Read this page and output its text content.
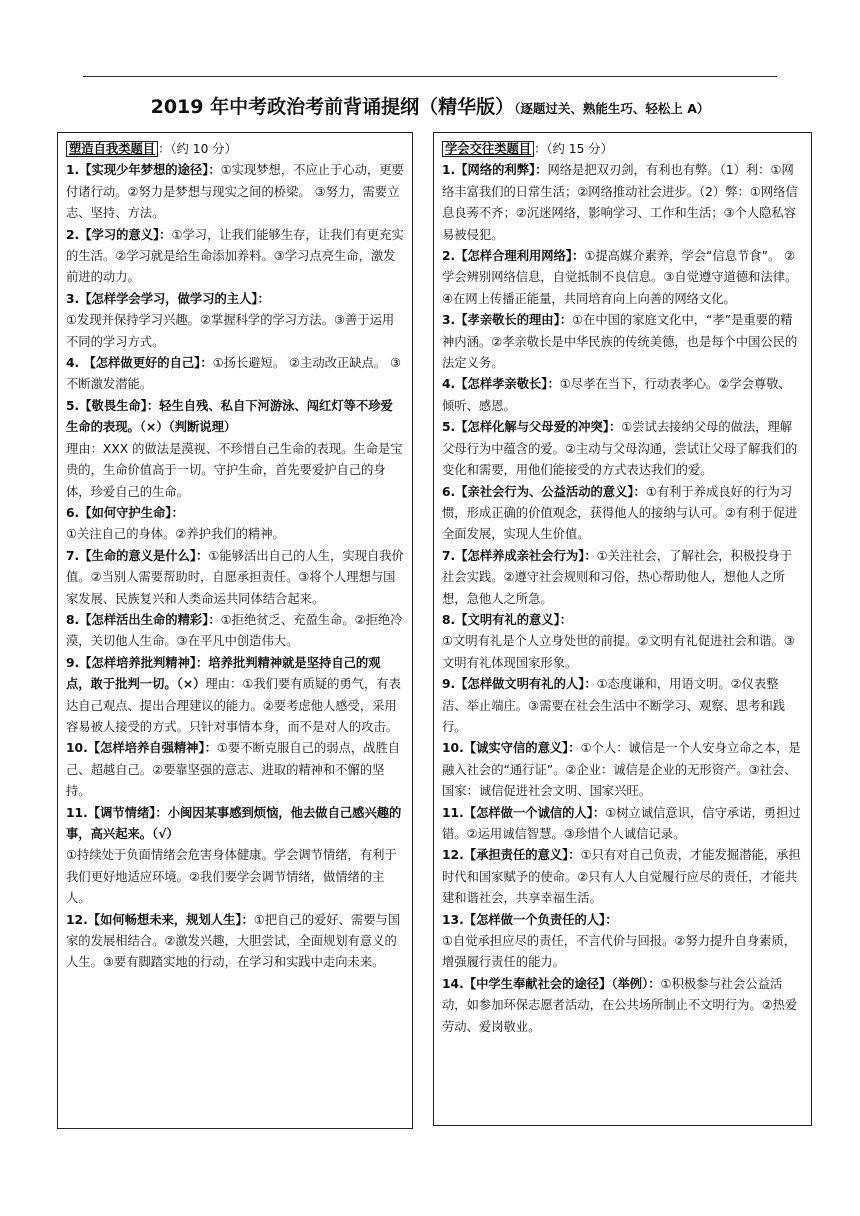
2019 年中考政治考前背诵提纲（精华版）（逐题过关、熟能生巧、轻松上 A）

塑造自我类题目 ：（约 10 分）

1.【实现少年梦想的途径】：①实现梦想，不应止于心动，更要付诸行动。②努力是梦想与现实之间的桥梁。 ③努力，需要立志、坚持、方法。

2.【学习的意义】：①学习，让我们能够生存，让我们有更充实的生活。②学习就是给生命添加养料。③学习点亮生命，激发前进的动力。

3.【怎样学会学习，做学习的主人】：
①发现并保持学习兴趣。②掌握科学的学习方法。③善于运用不同的学习方式。

4. 【怎样做更好的自己】：①扬长避短。 ②主动改正缺点。 ③不断激发潜能。

5.【敬畏生命】：轻生自残、私自下河游泳、闯红灯等不珍爱生命的表现。（×）（判断说理）
理由：XXX 的做法是漠视、不珍惜自己生命的表现。生命是宝贵的，生命价值高于一切。守护生命，首先要爱护自己的身体，珍爱自己的生命。

6.【如何守护生命】：
①关注自己的身体。②养护我们的精神。

7.【生命的意义是什么】：①能够活出自己的人生，实现自我价值。②当别人需要帮助时，自愿承担责任。③将个人理想与国家发展、民族复兴和人类命运共同体结合起来。

8.【怎样活出生命的精彩】：①拒绝贫乏、充盈生命。②拒绝冷漠，关切他人生命。③在平凡中创造伟大。

9.【怎样培养批判精神】：培养批判精神就是坚持自己的观点，敢于批判一切。（×）理由：①我们要有质疑的勇气，有表达自己观点、提出合理建议的能力。②要考虑他人感受，采用容易被人接受的方式。只针对事情本身，而不是对人的攻击。

10.【怎样培养自强精神】：①要不断克服自己的弱点，战胜自己、超越自己。②要靠坚强的意志、进取的精神和不懈的坚持。

11.【调节情绪】：小闽因某事感到烦恼，他去做自己感兴趣的事，高兴起来。（√）
①持续处于负面情绪会危害身体健康。学会调节情绪，有利于我们更好地适应环境。②我们要学会调节情绪，做情绪的主人。

12.【如何畅想未来，规划人生】：①把自己的爱好、需要与国家的发展相结合。②激发兴趣，大胆尝试，全面规划有意义的人生。③要有脚踏实地的行动，在学习和实践中走向未来。

学会交往类题目 ：（约 15 分）

1.【网络的利弊】：网络是把双刃剑，有利也有弊。（1）利：①网络丰富我们的日常生活；②网络推动社会进步。（2）弊：①网络信息良莠不齐；②沉迷网络，影响学习、工作和生活；③个人隐私容易被侵犯。

2.【怎样合理利用网络】：①提高媒介素养，学会“信息节食”。 ②学会辨别网络信息，自觉抵制不良信息。③自觉遵守道德和法律。④在网上传播正能量，共同培育向上向善的网络文化。

3.【孝亲敬长的理由】：①在中国的家庭文化中，“孝”是重要的精神内涵。②孝亲敬长是中华民族的传统美德，也是每个中国公民的法定义务。

4.【怎样孝亲敬长】：①尽孝在当下，行动表孝心。②学会尊敬、倾听、感恩。

5.【怎样化解与父母爱的冲突】：①尝试去接纳父母的做法，理解父母行为中蕴含的爱。②主动与父母沟通，尝试让父母了解我们的变化和需要，用他们能接受的方式表达我们的爱。

6.【亲社会行为、公益活动的意义】：①有利于养成良好的行为习惯，形成正确的价值观念，获得他人的接纳与认可。②有利于促进全面发展，实现人生价值。

7.【怎样养成亲社会行为】：①关注社会，了解社会，积极投身于社会实践。②遵守社会规则和习俗，热心帮助他人，想他人之所想，急他人之所急。

8.【文明有礼的意义】：
①文明有礼是个人立身处世的前提。②文明有礼促进社会和谐。③文明有礼体现国家形象。

9.【怎样做文明有礼的人】：①态度谦和，用语文明。②仪表整洁、举止端庄。③需要在社会生活中不断学习、观察、思考和践行。

10.【诚实守信的意义】：①个人：诚信是一个人安身立命之本，是融入社会的“通行证”。②企业：诚信是企业的无形资产。③社会、国家：诚信促进社会文明、国家兴旺。

11.【怎样做一个诚信的人】：①树立诚信意识，信守承诺，勇担过错。②运用诚信智慧。③珍惜个人诚信记录。

12.【承担责任的意义】：①只有对自己负责，才能发掘潜能，承担时代和国家赋予的使命。②只有人人自觉履行应尽的责任，才能共建和谐社会，共享幸福生活。

13.【怎样做一个负责任的人】：
①自觉承担应尽的责任，不言代价与回报。②努力提升自身素质，增强履行责任的能力。

14.【中学生奉献社会的途径】（举例）：①积极参与社会公益活动，如参加环保志愿者活动，在公共场所制止不文明行为。②热爱劳动、爱岗敬业。
